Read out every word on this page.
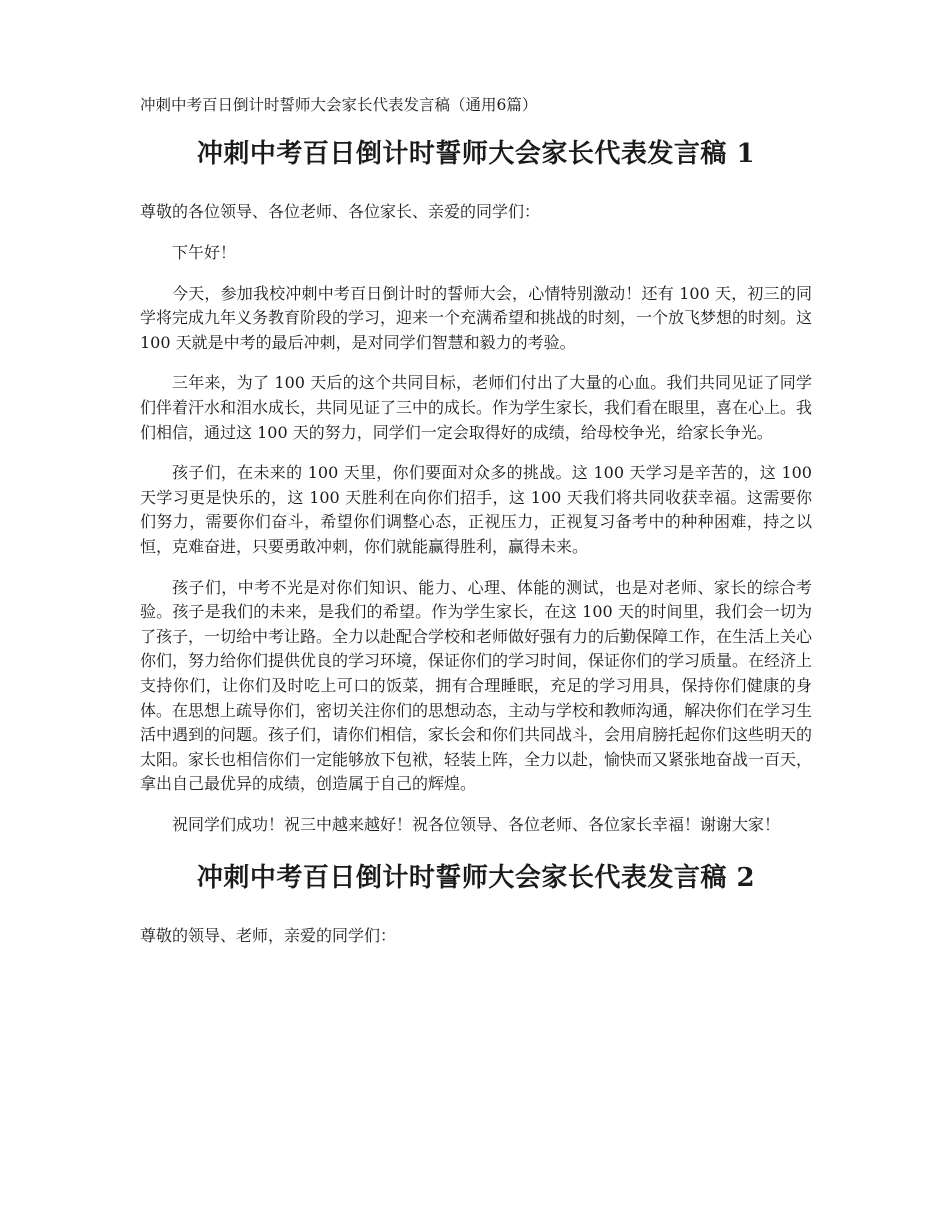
冲刺中考百日倒计时誓师大会家长代表发言稿（通用6篇）

冲刺中考百日倒计时誓师大会家长代表发言稿 1

尊敬的各位领导、各位老师、各位家长、亲爱的同学们：

下午好！

今天，参加我校冲刺中考百日倒计时的誓师大会，心情特别激动！还有 100 天，初三的同学将完成九年义务教育阶段的学习，迎来一个充满希望和挑战的时刻，一个放飞梦想的时刻。这 100 天就是中考的最后冲刺，是对同学们智慧和毅力的考验。

三年来，为了 100 天后的这个共同目标，老师们付出了大量的心血。我们共同见证了同学们伴着汗水和泪水成长，共同见证了三中的成长。作为学生家长，我们看在眼里，喜在心上。我们相信，通过这 100 天的努力，同学们一定会取得好的成绩，给母校争光，给家长争光。

孩子们，在未来的 100 天里，你们要面对众多的挑战。这 100 天学习是辛苦的，这 100 天学习更是快乐的，这 100 天胜利在向你们招手，这 100 天我们将共同收获幸福。这需要你们努力，需要你们奋斗，希望你们调整心态，正视压力，正视复习备考中的种种困难，持之以恒，克难奋进，只要勇敢冲刺，你们就能赢得胜利，赢得未来。

孩子们，中考不光是对你们知识、能力、心理、体能的测试，也是对老师、家长的综合考验。孩子是我们的未来，是我们的希望。作为学生家长，在这 100 天的时间里，我们会一切为了孩子，一切给中考让路。全力以赴配合学校和老师做好强有力的后勤保障工作，在生活上关心你们，努力给你们提供优良的学习环境，保证你们的学习时间，保证你们的学习质量。在经济上支持你们，让你们及时吃上可口的饭菜，拥有合理睡眠，充足的学习用具，保持你们健康的身体。在思想上疏导你们，密切关注你们的思想动态，主动与学校和教师沟通，解决你们在学习生活中遇到的问题。孩子们，请你们相信，家长会和你们共同战斗，会用肩膀托起你们这些明天的太阳。家长也相信你们一定能够放下包袱，轻装上阵，全力以赴，愉快而又紧张地奋战一百天，拿出自己最优异的成绩，创造属于自己的辉煌。

祝同学们成功！祝三中越来越好！祝各位领导、各位老师、各位家长幸福！谢谢大家！

冲刺中考百日倒计时誓师大会家长代表发言稿 2

尊敬的领导、老师，亲爱的同学们：
